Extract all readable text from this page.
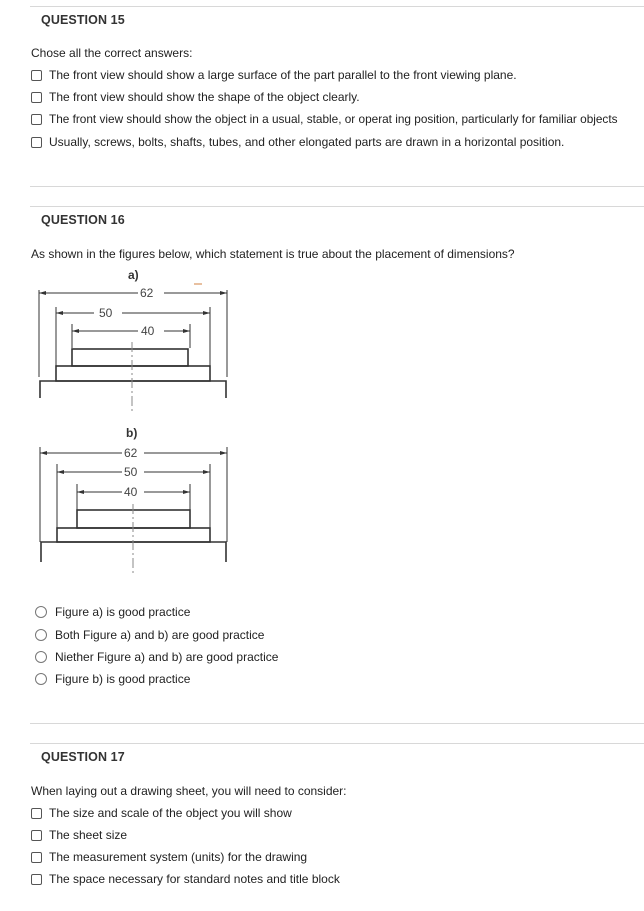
QUESTION 15
Chose all the correct answers:
The front view should show a large surface of the part parallel to the front viewing plane.
The front view should show the shape of the object clearly.
The front view should show the object in a usual, stable, or operat ing position, particularly for familiar objects
Usually, screws, bolts, shafts, tubes, and other elongated parts are drawn in a horizontal position.
QUESTION 16
As shown in the figures below, which statement is true about the placement of dimensions?
a)
62
50
40
b)
62
50
40
Figure a) is good practice
Both Figure a) and b) are good practice
Niether Figure a) and b) are good practice
Figure b) is good practice
QUESTION 17
When laying out a drawing sheet, you will need to consider:
The size and scale of the object you will show
The sheet size
The measurement system (units) for the drawing
The space necessary for standard notes and title block
